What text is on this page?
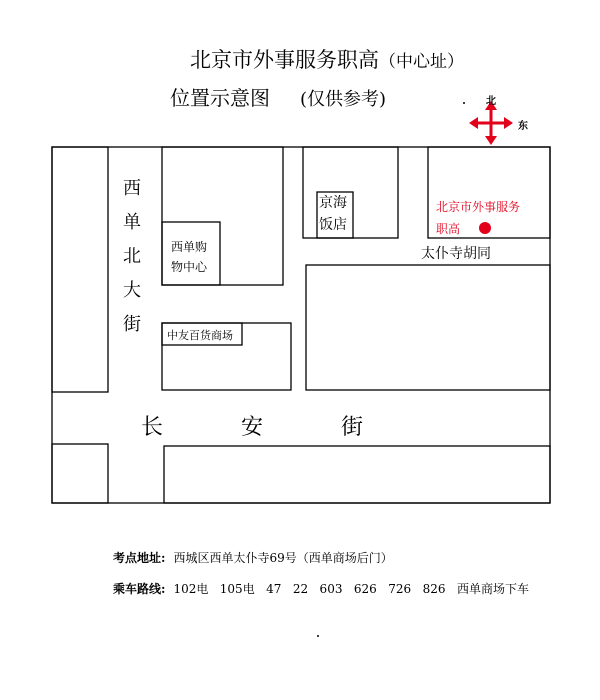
北京市外事服务职高（中心址）
位置示意图 (仅供参考)	北
东
西
单
北
大
街
长	安	街
太仆寺胡同
西单购
物中心
京海
饭店
中友百货商场
北京市外事服务
职高
考点地址: 西城区西单太仆寺69号（西单商场后门）
乘车路线: 102电   105电   47   22   603   626   726   826   西单商场下车
